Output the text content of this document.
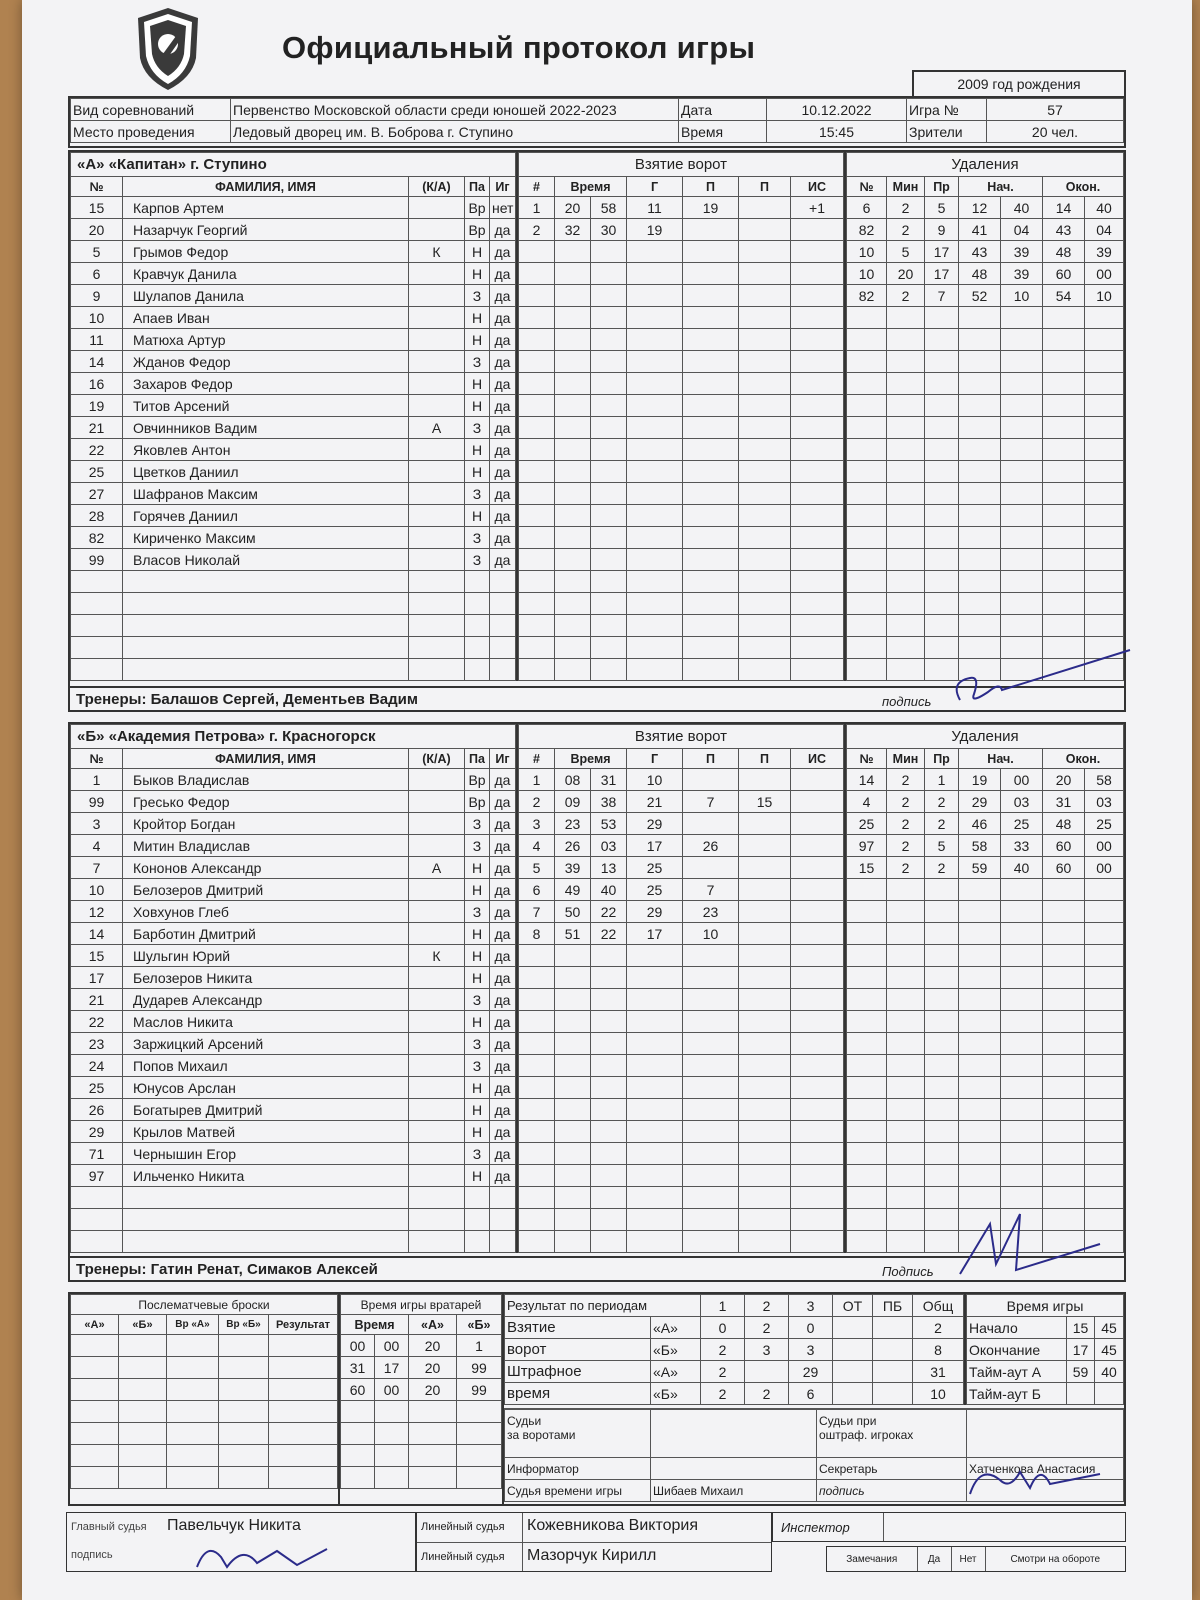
Официальный протокол игры
2009 год рождения
Вид соревнований	Первенство Московской области среди юношей 2022-2023	Дата	10.12.2022	Игра №	57
Место проведения	Ледовый дворец им. В. Боброва г. Ступино	Время	15:45	Зрители	20 чел.
«А» «Капитан» г. Ступино				
№	ФАМИЛИЯ, ИМЯ	(К/А)	Па	Иг
15	Карпов Артем		Вр	нет
20	Назарчук Георгий		Вр	да
5	Грымов Федор	К	Н	да
6	Кравчук Данила		Н	да
9	Шулапов Данила		З	да
10	Апаев Иван		Н	да
11	Матюха Артур		Н	да
14	Жданов Федор		З	да
16	Захаров Федор		Н	да
19	Титов Арсений		Н	да
21	Овчинников Вадим	А	З	да
22	Яковлев Антон		Н	да
25	Цветков Даниил		Н	да
27	Шафранов Максим		З	да
28	Горячев Даниил		Н	да
82	Кириченко Максим		З	да
99	Власов Николай		З	да

Взятие ворот						
#	Время		Г	П	П	ИС
1	20	58	11	19		+1
2	32	30	19			

Удаления						
№	Мин	Пр	Нач.		Окон.	
6	2	5	12	40	14	40
82	2	9	41	04	43	04
10	5	17	43	39	48	39
10	20	17	48	39	60	00
82	2	7	52	10	54	10

Тренеры: Балашов Сергей, Дементьев Вадим	подпись
«Б» «Академия Петрова» г. Красногорск				
№	ФАМИЛИЯ, ИМЯ	(К/А)	Па	Иг
1	Быков Владислав		Вр	да
99	Гресько Федор		Вр	да
3	Кройтор Богдан		З	да
4	Митин Владислав		З	да
7	Кононов Александр	А	Н	да
10	Белозеров Дмитрий		Н	да
12	Ховхунов Глеб		З	да
14	Барботин Дмитрий		Н	да
15	Шульгин Юрий	К	Н	да
17	Белозеров Никита		Н	да
21	Дударев Александр		З	да
22	Маслов Никита		Н	да
23	Заржицкий Арсений		З	да
24	Попов Михаил		З	да
25	Юнусов Арслан		Н	да
26	Богатырев Дмитрий		Н	да
29	Крылов Матвей		Н	да
71	Чернышин Егор		З	да
97	Ильченко Никита		Н	да

Взятие ворот						
#	Время		Г	П	П	ИС
1	08	31	10			
2	09	38	21	7	15	
3	23	53	29			
4	26	03	17	26		
5	39	13	25			
6	49	40	25	7		
7	50	22	29	23		
8	51	22	17	10		

Удаления						
№	Мин	Пр	Нач.		Окон.	
14	2	1	19	00	20	58
4	2	2	29	03	31	03
25	2	2	46	25	48	25
97	2	5	58	33	60	00
15	2	2	59	40	60	00

Тренеры: Гатин Ренат, Симаков Алексей	Подпись
Послематчевые броски				
«А»	«Б»	Вр «А»	Вр «Б»	Результат

Время игры вратарей			
Время		«А»	«Б»
00	00	20	1
31	17	20	99
60	00	20	99

Результат по периодам		1	2	3	ОТ	ПБ	Общ
Взятие	«А»	0	2	0			2
ворот	«Б»	2	3	3			8
Штрафное	«А»	2		29			31
время	«Б»	2	2	6			10
Время игры		
Начало	15	45
Окончание	17	45
Тайм-аут А	59	40
Тайм-аут Б		
Судьи
за воротами		Судьи при
оштраф. игроках	
Информатор		Секретарь	Хатченкова Анастасия
Судья времени игры	Шибаев Михаил	подпись	
Главный судья Павельчук Никита
подпись
Линейный судья Кожевникова Виктория
Линейный судья Мазорчук Кирилл
Инспектор
Замечания	Да	Нет	Смотри на обороте
